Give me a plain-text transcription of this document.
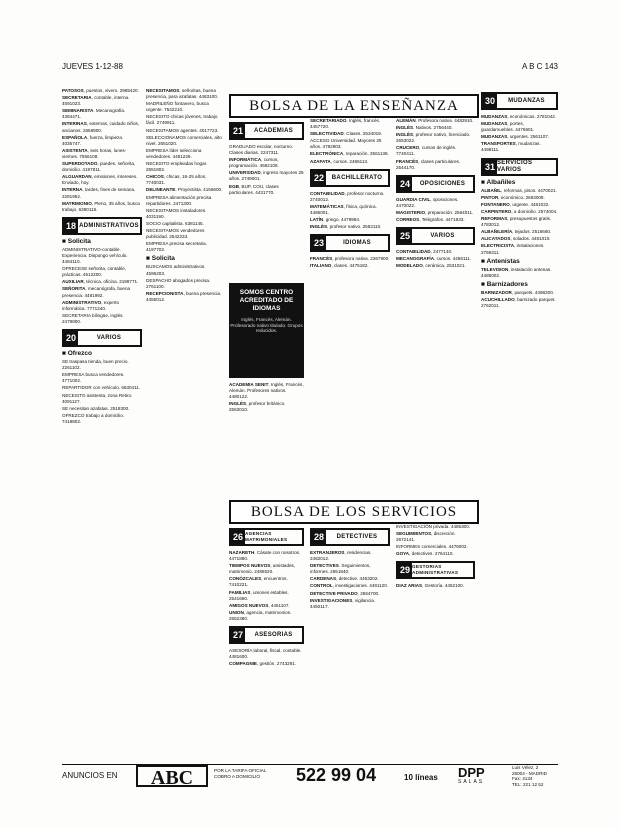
JUEVES 1-12-88	A B C 143

PATOSOS, puestos, vivero. 2985420.

SECRETARIA, contable, interna. 4591023.

SEMINARISTA. Mecanografía. 4384471.

INTERINAS, externas, cuidado niños, ancianos. 2658900.

ESPAÑOLA, fuerza, limpieza. 4035747.

ASISTENTA, seis horas, lunes-viernes. 7556108.

SUPERDOTADO, puedes, señorita, domicilio. 4197811.

ALGUARDAN, emisiones, intereses. Enviado, hoy.

INTERNA, tardes, fines de semana. 2281952.

MATRIMONIO, Pleno, 35 años, busca trabajo. 6390115.

18 ADMINISTRATIVOS
■ Solicita

ADMINISTRATIVO-contable. Experiencia. Dispongo vehículo. 4484110.

OFRECESE señorita, contable, prácticas. 4512200.

AUXILIAR, técnica, oficina. 2198771.

SEÑORITA, mecanógrafa, buena presencia. 4481992.

ADMINISTRATIVO, experto informática. 7771240.

SECRETARIA bilingüe, inglés. 2479800.

20	VARIOS
■ Ofrezco

SE traspasa tienda, buen precio. 2261102.

EMPRESA busca vendedores. 4771002.

REPARTIDOR con vehículo. 6630411.

NECESITO asistenta, zona Retiro. 4091127.

SE necesitan azafatas. 2518300.

OFREZCO trabajo a domicilio. 7418802.

NECESITAMOS, señoritas, buena presencia, para azafatas. 4483100.

MADRILEÑO fontanero, busca urgente. 7542210.

NECESITO chicas jóvenes, trabajo fácil. 2749911.

NECESITAMOS agentes. 4017723.

SELECCIONAMOS comerciales, alto nivel. 2651020.

EMPRESA líder selecciona vendedores. 4481229.

NECESITO empleadas hogar. 2551802.

CHICOS, chicas, 18-25 años. 7740031.

DELINEANTE. Proyectista. 4156600.

EMPRESA alimentación precisa repartidores. 2471300.

NECESITAMOS instaladores. 4031190.

SOCIO capitalista. 6381145.

NECESITAMOS vendedores publicidad. 2542233.

EMPRESA precisa secretaria. 4197702.

■ Solicita

BUSCAMOS administrativos. 4596203.

DESPACHO abogados precisa. 2761100.

RECEPCIONISTA, buena presencia. 4455012.

BOLSA DE LA ENSEÑANZA
21	ACADEMIAS

GRADUADO escolar, nocturno. Clases diarias. 2247311.

INFORMÁTICA, cursos, programación. 4562108.

UNIVERSIDAD, ingreso mayores 25 años. 2749001.

EGB, BUP, COU, clases particulares. 4431770.

SOMOS CENTRO ACREDITADO DE IDIOMAS
Inglés, Francés, Alemán. Profesorado nativo titulado. Grupos reducidos.

ACADEMIA SENIT. Inglés, Francés, Alemán. Profesores nativos. 4480122.

INGLÉS, profesor británico. 2563010.

SECRETARIADO. Inglés, francés. 4457720.

SELECTIVIDAD. Clases. 2534019.

ACCESO Universidad. Mayores 25 años. 4782903.

ELECTRÓNICA, reparación. 2561138.

AZAFATA, cursos. 2486113.

22	BACHILLERATO

CONTABILIDAD, profesor nocturno. 2740012.

MATEMÁTICAS, física, química. 4485001.

LATÍN, griego. 4479984.

INGLÉS, profesor nativo. 2563110.

23	IDIOMAS

FRANCÉS, profesora nativa. 2267900.

ITALIANO, clases. 4475182.

ALEMÁN. Profesora nativa. 4482910.

INGLÉS. Nativos. 2756440.

INGLÉS, profesor nativo, licenciado. 2653022.

CRUCERO, cursos de inglés. 7740411.

FRANCÉS, clases particulares. 2544170.

24	OPOSICIONES

GUARDIA CIVIL, oposiciones. 4470022.

MAGISTERIO, preparación. 2564011.

CORREOS, Telégrafos. 4471933.

25	VARIOS

CONTABILIDAD, 2477140.

MECANOGRAFÍA, cursos. 4456111.

MODELADO, cerámica. 2531021.

BOLSA DE LOS SERVICIOS
26 AGENCIAS MATRIMONIALES

NAZARETH. Cásate con nosotros. 4471880.

TIEMPOS NUEVOS, amistades, matrimonio. 2485520.

CONÓZCALES, encuentros. 7410221.

FAMILIAS, uniones estables. 2541660.

AMIGOS NUEVOS, 4451107.

UNION, agencia, matrimonios. 2652380.

27	ASESORIAS

ASESORÍA laboral, fiscal, contable. 4481600.

COMPAGNIE, gestión. 2743291.

28	DETECTIVES

EXTRANJEROS, residencias. 2482012.

DETECTIVES. Seguimientos, informes. 2651840.

CARDENAS, detective. 4463202.

CONTROL, investigaciones. 4491120.

DETECTIVE PRIVADO. 2654700.

INVESTIGACIONES, vigilancia. 4450117.

INVESTIGACIÓN privada. 4485300.

SEGUIMIENTOS, discreción. 2672141.

INFORMES comerciales. 4476002.

GOYA, detectives. 2764110.

29 GESTORIAS ADMINISTRATIVAS

DIAZ ARIAS, Gestoría. 4452100.

30	MUDANZAS

MUDANZAS, económicas. 2781042.

MUDANZAS, portes, guardamuebles. 4476601.

MUDANZAS, urgentes. 2561107.

TRANSPORTES, mudanzas. 4498111.

31 SERVICIOS VARIOS
■ Albañiles

ALBAÑIL, reformas, pisos. 4470021.

PINTOR, económico. 2663009.

FONTANERO, urgente. 4481022.

CARPINTERO, a domicilio. 2574004.

REFORMAS, presupuestos gratis. 4783012.

ALBAÑILERÍA, tejados. 2516660.

ALICATADOS, solados. 4481010.

ELECTRICISTA, instalaciones. 2759311.

■ Antenistas

TELEVISION, instalación antenas. 4485002.

■ Barnizadores

BARNIZADOR, parquets. 4498200.

ACUCHILLADO, barnizado parquet. 2762011.

ANUNCIOS EN	ABC	POR LA TARIFA OFICIAL
COBRO A DOMICILIO	522 99 04	10 líneas DPP
SALAS
Luis Vélez, 2
28004 - MADRID
Fax: 4134
TEL: 221 12 52
